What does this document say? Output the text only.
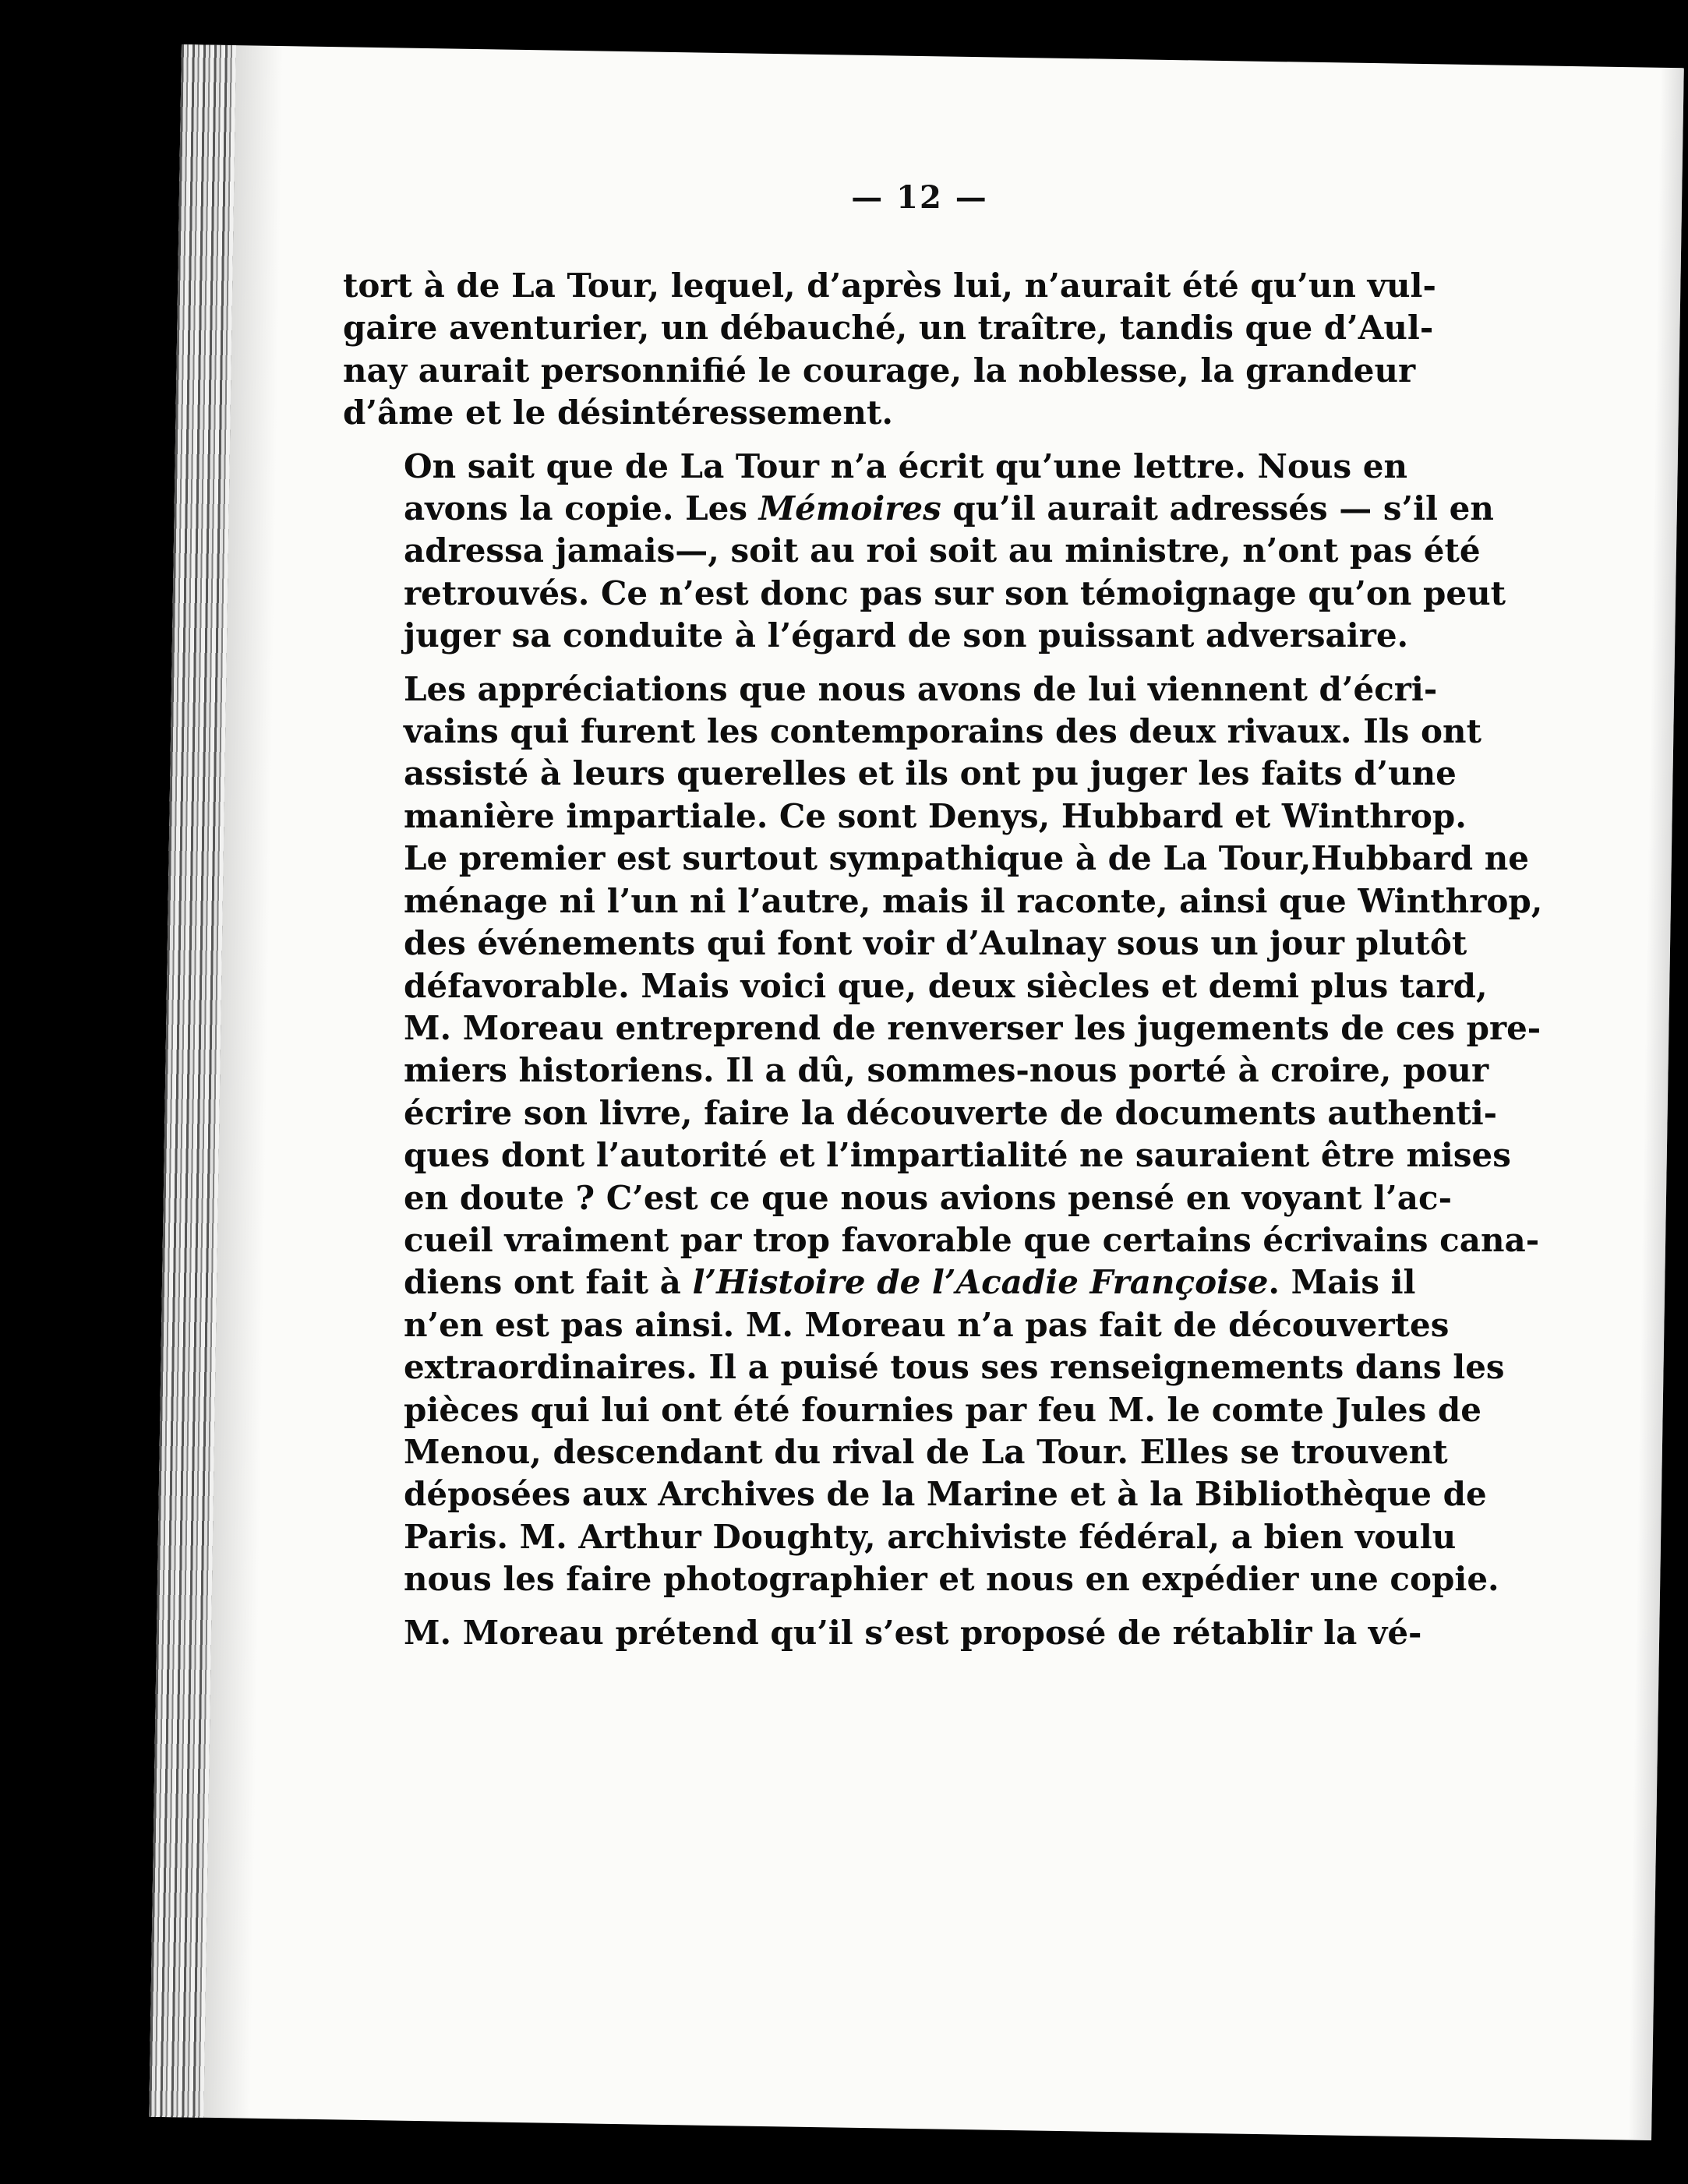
— 12 —

tort à de La Tour, lequel, d’après lui, n’aurait été qu’un vul-
gaire aventurier, un débauché, un traître, tandis que d’Aul-
nay aurait personnifié le courage, la noblesse, la grandeur
d’âme et le désintéressement.

On sait que de La Tour n’a écrit qu’une lettre. Nous en
avons la copie. Les Mémoires qu’il aurait adressés — s’il en
adressa jamais—, soit au roi soit au ministre, n’ont pas été
retrouvés. Ce n’est donc pas sur son témoignage qu’on peut
juger sa conduite à l’égard de son puissant adversaire.

Les appréciations que nous avons de lui viennent d’écri-
vains qui furent les contemporains des deux rivaux. Ils ont
assisté à leurs querelles et ils ont pu juger les faits d’une
manière impartiale. Ce sont Denys, Hubbard et Winthrop.
Le premier est surtout sympathique à de La Tour,Hubbard ne
ménage ni l’un ni l’autre, mais il raconte, ainsi que Winthrop,
des événements qui font voir d’Aulnay sous un jour plutôt
défavorable. Mais voici que, deux siècles et demi plus tard,
M. Moreau entreprend de renverser les jugements de ces pre-
miers historiens. Il a dû, sommes-nous porté à croire, pour
écrire son livre, faire la découverte de documents authenti-
ques dont l’autorité et l’impartialité ne sauraient être mises
en doute ? C’est ce que nous avions pensé en voyant l’ac-
cueil vraiment par trop favorable que certains écrivains cana-
diens ont fait à l’Histoire de l’Acadie Françoise. Mais il
n’en est pas ainsi. M. Moreau n’a pas fait de découvertes
extraordinaires. Il a puisé tous ses renseignements dans les
pièces qui lui ont été fournies par feu M. le comte Jules de
Menou, descendant du rival de La Tour. Elles se trouvent
déposées aux Archives de la Marine et à la Bibliothèque de
Paris. M. Arthur Doughty, archiviste fédéral, a bien voulu
nous les faire photographier et nous en expédier une copie.

M. Moreau prétend qu’il s’est proposé de rétablir la vé-
